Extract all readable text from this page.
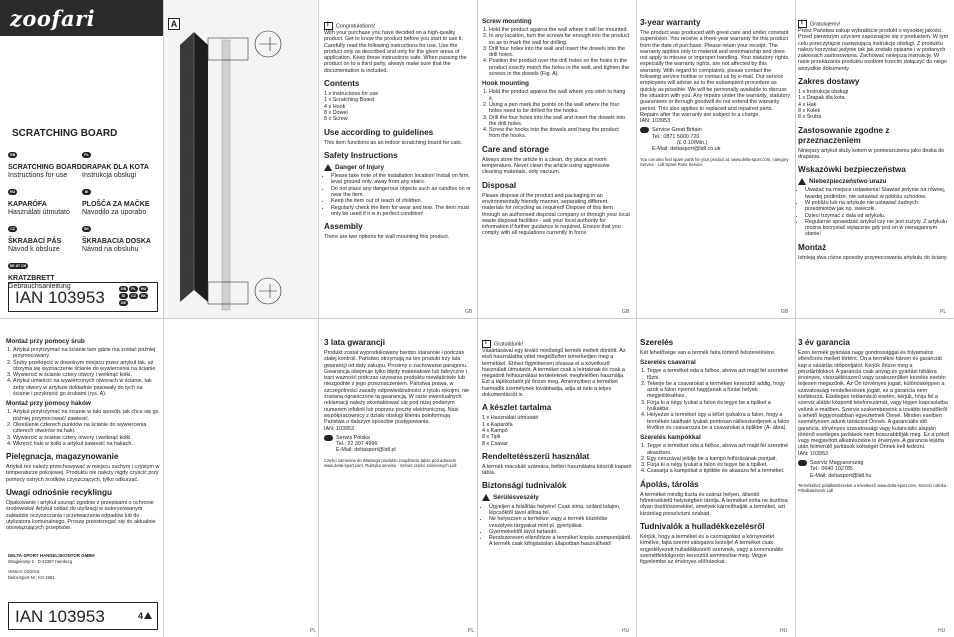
zoofari
SCRATCHING BOARD
GB
SCRATCHING BOARD
Instructions for use
HU
KAPARÓFA
Használati útmutató
CZ
ŠKRABACÍ PÁS
Návod k obsluze
DE AT CH
KRATZBRETT
Gebrauchsanleitung
PL
DRAPAK DLA KOTA
Instrukcja obsługi
SI
PLOŠČA ZA MAČKE
Navodilo za uporabo
SK
ŠKRABACIA DOSKA
Návod na obsluhu
IAN 103953	GB	PL	HU
SI	CZ	SK
DE
A
i	Congratulations!
With your purchase you have decided on a high-quality product. Get to know the product before you start to use it. Carefully read the following instructions for use. Use the product only as described and only for the given areas of application. Keep these instructions safe. When passing the product on to a third party, always make sure that the documentation is included.
Contents
1 x Instructions for use
1 x Scratching Board
4 x Hook
8 x Dowel
8 x Screw
Use according to guidelines
This item functions as an indoor scratching board for cats.
Safety Instructions
Danger of Injury
• Please take note of the installation location! Install on firm, level ground only, away from any stairs.
• Do not place any dangerous objects such as candles on or near the item.
• Keep the item out of reach of children.
• Regularly check the item for wear and tear. The item must only be used if it is in perfect condition!
Assembly
There are two options for wall mounting this product.
Screw mounting
1. Hold the product against the wall where it will be mounted.
2. In any location, turn the screws far enough into the product so as to mark the wall for drilling.
3. Drill four holes into the wall and insert the dowels into the drill holes.
4. Position the product over the drill holes so the holes in the product exactly match the holes in the wall, and tighten the screws in the dowels (Fig. A).
Hook mounting
1. Hold the product against the wall where you wish to hang it.
2. Using a pen mark the points on the wall where the four holes need to be drilled for the hooks.
3. Drill the four holes into the wall and insert the dowels into the drill holes.
4. Screw the hooks into the dowels and hang the product from the hooks.
Care and storage
Always store the article in a clean, dry place at room temperature. Never clean the article using aggressive cleaning materials, only vacuum.
Disposal
Please dispose of the product and packaging in an environmentally friendly manner, separating different materials for recycling as required! Dispose of this item through an authorised disposal company or through your local waste disposal facilities - ask your local authority for information if further guidance is required. Ensure that you comply with all regulations currently in force.
3-year warranty
The product was produced with great care and under constant supervision. You receive a three-year warranty for this product from the date of purchase. Please retain your receipt. The warranty applies only to material and workmanship and does not apply to misuse or improper handling. Your statutory rights, especially the warranty rights, are not affected by this warranty. With regard to complaints, please contact the following service hotline or contact us by e-mail. Our service employees will advise as to the subsequent procedure as quickly as possible. We will be personally available to discuss the situation with you. Any repairs under the warranty, statutory guarantees or through goodwill do not extend the warranty period. This also applies to replaced and repaired parts. Repairs after the warranty are subject to a charge.
IAN: 103953
Service Great Britain
Tel.: 0871 5000 720
(£ 0.10/Min.)
E-Mail: deltasport@lidl.co.uk
You can also find spare parts for your product at: www.delta-sport.com, category Service - Lidl Spare Parts Service
iGratulujemy!
Przez Państwa zakup wybraliście produkt o wysokiej jakości. Przed pierwszym użyciem zapoznajcie się z produktem. W tym celu przeczytajcie następującą instrukcję obsługi. Z produktu należy korzystać jedynie tak jak zostało opisane i w podanych zakresach zastosowania. Zachować niniejszą instrukcję. W razie przekazania produktu osobom trzecim dołączyć do niego wszystkie dokumenty.
Zakres dostawy
1 x Instrukcja obsługi
1 x Drapak dla kota
4 x Hak
8 x Kołek
8 x Śruba
Zastosowanie zgodne z przeznaczeniem
Niniejszy artykuł służy kotom w pomieszczeniu jako deska do drapania.
Wskazówki bezpieczeństwa
Niebezpieczeństwo urazu
• Uważać na miejsce ustawienia! Stawiać jedynie na równej, twardej podłodze, nie ustawiać w pobliżu schodów.
• W pobliżu lub na artykule nie ustawiać żadnych przedmiotów jak np. świeczki.
• Dzieci trzymać z dala od artykułu.
• Regularnie sprawdzać artykuł czy nie jest zużyty. Z artykułu można korzystać wyłącznie gdy jest on w nienagannym stanie!
Montaż
Istnieją dwa różne sposoby przymocowania artykułu do ściany.
GB	GB	GB	PL
Montaż przy pomocy śrub
1. Artykuł przytrzymać na ścianie tam gdzie ma zostać później przymocowany.
2. Śruby przekręcić w dowolnym miejscu przez artykuł tak, aż otrzyma się wyznaczenie ścianie do wywiercenia na ścianie.
3. Wywiercić w ścianie cztery otwory i wetknąć kołki.
4. Artykuł umieścić na wywierconych otworach w ścianie, tak żeby otwory w artykule dokładnie pasowały do tych na ścianie i przykręcić go śrubami (rys. A).
Montaż przy pomocy haków
1. Artykuł przytrzymać na ścianie w taki sposób, jak chce się go później przymocować/ zawiesić.
2. Określenie czterech punktów na ścianie do wywiercenia czterech otworów na haki.
3. Wywiercić w ścianie cztery otwory i wetknąć kołki.
4. Wkręcić haki w kołki a artykuł zawiesić na hakach.
Pielęgnacja, magazynowanie
Artykuł też należy przechowywać w miejscu suchym i czystym w temperaturze pokojowej. Produktu nie należy nigdy czyścić przy pomocy ostrych środków czyszczących, tylko odkurzać.
Uwagi odnośnie recyklingu
Opakowanie i artykuł usunąć zgodnie z przepisami o ochronie środowiska! Artykuł oddać do utylizacji w autoryzowanym zakładzie oczyszczania i przetwarzania odpadów lub do utylizatora komunalnego. Proszę przestrzegać się do aktualnie obowiązujących przepisów.
DELTA-SPORT HANDELSKONTOR GMBH
Wragekamp 6 · D-22397 Hamburg
Version: 03/2015
Delta-Sport-Nr.: KS-1981
IAN 103953	4
3 lata gwarancji
Produkt został wyprodukowany bardzo starannie i podczas stałej kontroli. Państwo otrzymują na ten produkt trzy lata gwarancji od daty zakupu. Prosimy o zachowanie paragonu. Gwarancja obejmuje tylko błędy materiałowe lub fabryczne i traci ważność podczas używania produktu niewłaściwie lub niezgodnie z jego przeznaczeniem. Państwa prawa, w szczególności zasady odpowiedzialności z tytułu rękojmi, nie zostaną ograniczone tą gwarancją. W razie ewentualnych reklamacji należy skontaktować się pod niżej podanym numerem infolinii lub poprzez pocztę elektroniczną. Nasi współpracownicy z działu obsługi klienta poinformują Państwa o dalszym sposobie postępowania.
IAN: 103953
Serwis Polska
Tel.: 22 397 4996
E-Mail: deltasport@lidl.pl
Części zamienne do Waszego produktu znajdziecie także pod adresem www.delta-sport.com, Rubryka serwisu - Serwis części zamiennych Lidl
iGratulálunk!
Vásárlásával egy kiváló minőségű termék mellett döntött. Az első használatba vétel megelőzően ismerkedjen meg a termékkel. Ehhez figyelmesen olvassa el a következő használati útmutatót. A terméket csak a leírtaknak és csak a megadott felhasználási területeknek megfelelően használja. Ezt a tájékoztatót jól őrizze meg. Amennyiben a terméket harmadik személynek továbbadja, adja át neki a teljes dokumentációt is.
A készlet tartalma
1 x Használati útmutató
1 x Kaparófa
4 x Kampó
8 x Tipli
8 x Csavar
Rendeltetésszerű használat
A termék macskák számára, beltéri használatra készült kaparó tábla.
Biztonsági tudnivalók
Sérülésveszély
• Ügyeljen a felállítás helyére! Csak sima, szilárd talajon, lépcsőktől távol állítsa fel.
• Ne helyezzen a termékre vagy a termék közelébe veszélyes tárgyakat mint pl. gyertyákat.
• Gyermekektől távol tartandó.
• Rendszeresen ellenőrizze a terméket kopás szempontjából. A termék csak kifogástalan állapotban használható!
Szerelés
Két lehetősége van a termék falra történő felszerelésére.
Szerelés csavarral
1. Tegye a terméket oda a falhoz, ahova azt majd fel szeretné fűzni.
2. Tekerje be a csavarokat a terméken keresztül addig, hogy azok a falon nyomot hagyjanak a fúrási helyek megjelöléséhez.
3. Fúrja ki a négy lyukat a falon és tegye be a tipliket a lyukakba.
4. Helyezze a terméket úgy a kifúrt lyukakra a falon, hogy a termékén található lyukak pontosan ráilleszkedjenek a falon lévőkre és csavarozza be a csavarokat a tiplikbe (A- ábra).
Szerelés kampókkal
1. Tegye a terméket oda a falhoz, ahova azt majd fel szeretné akasztani.
2. Egy ceruzával jelölje be a kampó felfúrásának pontjait.
3. Fúrja ki a négy lyukat a falon és tegye be a tipliket.
4. Csavarja a kampókat a tiplikbe és akassza fel a terméket.
Ápolás, tárolás
A terméket mindig tiszta és száraz helyen, állandó hőmérsékletű helyiségben tárolja. A terméket soha ne tisztítsa olyan tisztítószerekkel, amelyek károsíthatják a terméket, azt kizárólag porszívózni szabad.
Tudnivalók a hulladékkezelésről
Kérjük, hogy a terméket és a csomagolást a környezetet kímélve, fajta szerint válogatva kezelje! A terméket csak engedélyezett hulladékkezelő szervnek, vagy a kommunális szemétfeldolgozón keresztül semmisítse meg. Vegye figyelembe az érvényes előírásokat.
3 év garancia
Ezen termék gyártása nagy gondossággal és folyamatos ellenőrzés mellett történt. On a termékre három év garanciát kap a vásárlás időpontjától. Kérjük őrizze meg a pénztárblokkot. A garancia csak anyag és gyártási hibákra érvényes, visszaélésszerű vagy szakszerűtlen kezelés esetén teljesen megszűnik. Az Ön törvényes jogait, különösképpen a szavatossági rendelkezések jogait, ez a garancia nem korlátozza. Esetleges reklamáció esetén, kérjük, hívja fel a szerviz alábbi központi telefonszámát, vagy lépjen kapcsolatba velünk e-mailben. Szerviz szakembereink a további teendőkről a lehető leggyorsabban egyeztetnek Önnel. Minden esetben személyesen adunk tanácsot Önnek. A garanciális idő garancia, törvényes szavatossági vagy kulanciális alapján történő esetleges javítások nem hosszabbítják meg. Ez a pótolt vagy megjavított alkatrészekre is érvényes. A garancia lejárta után felmerülő javítások költségét Önnek kell fedezni.
IAN: 103953
Szerviz Magyarország
Tel.: 0640 102785
E-Mail: deltasport@lidl.hu
Termékéhez pótalkatrészeket a következő www.delta-sport.com, Szerviz rubrika - Pótalkatrészek Lidl
PL	PL	HU	HU	HU
